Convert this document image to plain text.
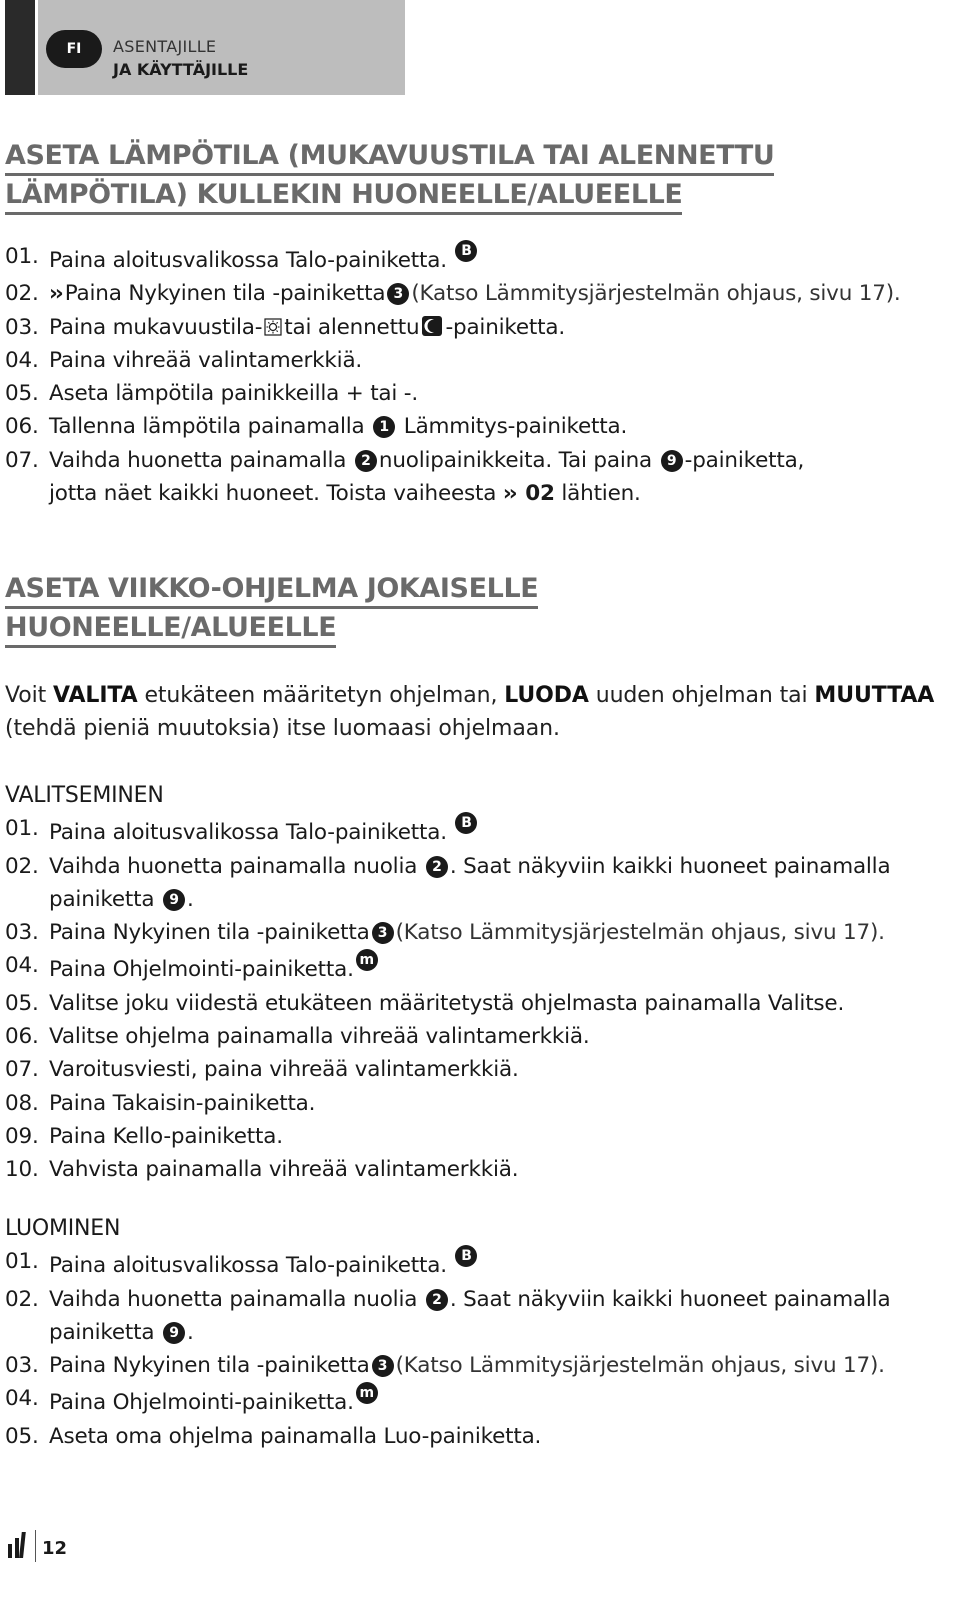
FI	ASENTAJILLE
JA KÄYTTÄJILLE
ASETA LÄMPÖTILA (MUKAVUUSTILA TAI ALENNETTU
LÄMPÖTILA) KULLEKIN HUONEELLE/ALUEELLE
01. Paina aloitusvalikossa Talo-painiketta. B
02. ›› Paina Nykyinen tila -painiketta 3 (Katso Lämmitysjärjestelmän ohjaus, sivu 17).
03. Paina mukavuustila- tai alennettu -painiketta.
04. Paina vihreää valintamerkkiä.
05. Aseta lämpötila painikkeilla + tai -.
06. Tallenna lämpötila painamalla 1 Lämmitys-painiketta.
07. Vaihda huonetta painamalla 2 nuolipainikkeita. Tai paina 9 -painiketta,
jotta näet kaikki huoneet. Toista vaiheesta ›› 02 lähtien.
ASETA VIIKKO-OHJELMA JOKAISELLE
HUONEELLE/ALUEELLE
Voit VALITA etukäteen määritetyn ohjelman, LUODA uuden ohjelman tai MUUTTAA
(tehdä pieniä muutoksia) itse luomaasi ohjelmaan.
VALITSEMINEN
01. Paina aloitusvalikossa Talo-painiketta. B
02. Vaihda huonetta painamalla nuolia 2 . Saat näkyviin kaikki huoneet painamalla
painiketta 9 .
03. Paina Nykyinen tila -painiketta 3 (Katso Lämmitysjärjestelmän ohjaus, sivu 17).
04. Paina Ohjelmointi-painiketta. m
05. Valitse joku viidestä etukäteen määritetystä ohjelmasta painamalla Valitse.
06. Valitse ohjelma painamalla vihreää valintamerkkiä.
07. Varoitusviesti, paina vihreää valintamerkkiä.
08. Paina Takaisin-painiketta.
09. Paina Kello-painiketta.
10. Vahvista painamalla vihreää valintamerkkiä.
LUOMINEN
01. Paina aloitusvalikossa Talo-painiketta. B
02. Vaihda huonetta painamalla nuolia 2 . Saat näkyviin kaikki huoneet painamalla
painiketta 9 .
03. Paina Nykyinen tila -painiketta 3 (Katso Lämmitysjärjestelmän ohjaus, sivu 17).
04. Paina Ohjelmointi-painiketta. m
05. Aseta oma ohjelma painamalla Luo-painiketta.
12
